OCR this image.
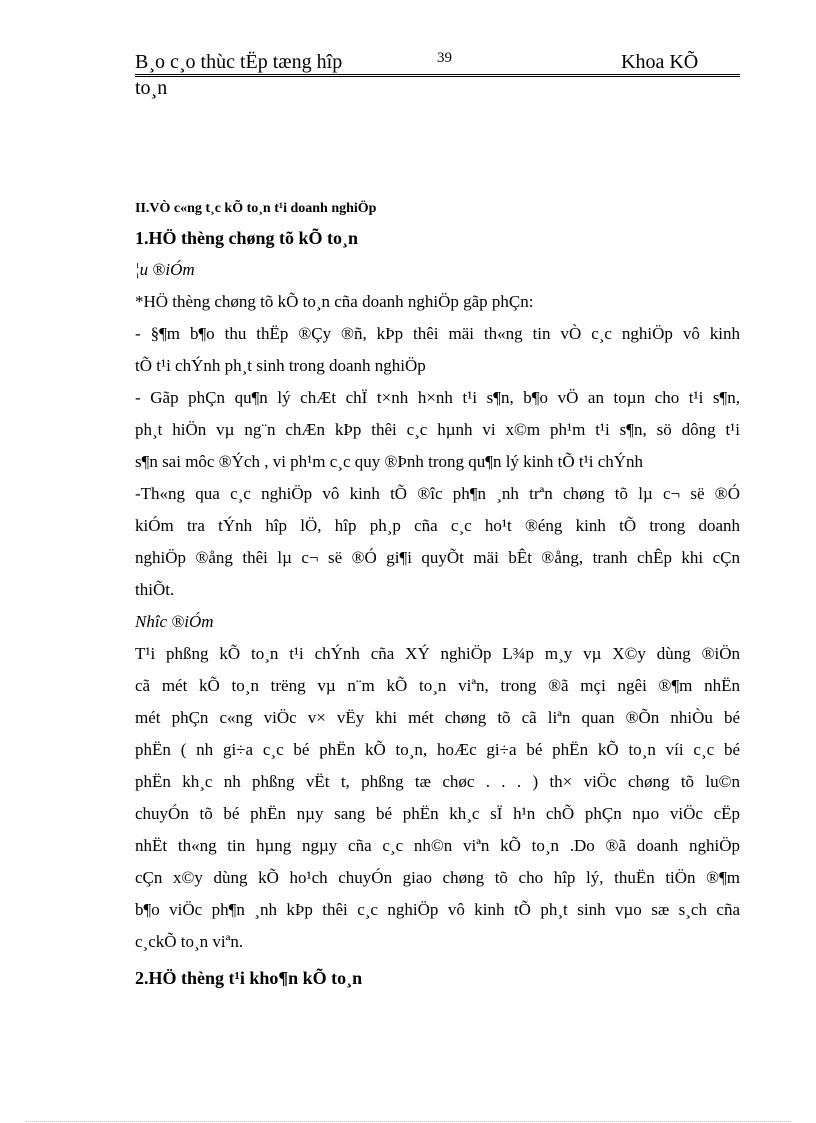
B¸o c¸o thùc tËp tæng hîp	39	Khoa KÕ
to¸n
II.VÒ c«ng t¸c kÕ to¸n t¹i doanh nghiÖp
1.HÖ thèng chøng tõ kÕ to¸n
¦u ®iÓm
*HÖ thèng chøng tõ kÕ to¸n cña doanh nghiÖp gãp phÇn:
- §¶m b¶o thu thËp ®Çy ®ñ, kÞp thêi mäi th«ng tin vÒ c¸c nghiÖp vô kinh
tÕ t¹i chÝnh ph¸t sinh trong doanh nghiÖp
- Gãp phÇn qu¶n lý chÆt chÏ t×nh h×nh t¹i s¶n, b¶o vÖ an toµn cho t¹i s¶n,
ph¸t hiÖn vµ ng¨n chÆn kÞp thêi c¸c hµnh vi x©m ph¹m t¹i s¶n, sö dông t¹i
s¶n sai môc ®Ých , vi ph¹m c¸c quy ®Þnh trong qu¶n lý kinh tÕ t¹i chÝnh
-Th«ng qua c¸c nghiÖp vô kinh tÕ ®îc ph¶n ¸nh trªn chøng tõ lµ c¬ së ®Ó
kiÓm tra tÝnh hîp lÖ, hîp ph¸p cña c¸c ho¹t ®éng kinh tÕ trong doanh
nghiÖp ®ång thêi lµ c¬ së ®Ó gi¶i quyÕt mäi bÊt ®ång, tranh chÊp khi cÇn
thiÕt.
Nhîc ®iÓm
T¹i phßng kÕ to¸n t¹i chÝnh cña XÝ nghiÖp L¾p m¸y vµ X©y dùng ®iÖn
cã mét kÕ to¸n trëng vµ n¨m kÕ to¸n viªn, trong ®ã mçi ngêi ®¶m nhËn
mét phÇn c«ng viÖc v× vËy khi mét chøng tõ cã liªn quan ®Õn nhiÒu bé
phËn ( nh gi÷a c¸c bé phËn kÕ to¸n, hoÆc gi÷a bé phËn kÕ to¸n víi c¸c bé
phËn kh¸c nh phßng vËt t, phßng tæ chøc . . . ) th× viÖc chøng tõ lu©n
chuyÓn tõ bé phËn nµy sang bé phËn kh¸c sÏ h¹n chÕ phÇn nµo viÖc cËp
nhËt th«ng tin hµng ngµy cña c¸c nh©n viªn kÕ to¸n .Do ®ã doanh nghiÖp
cÇn x©y dùng kÕ ho¹ch chuyÓn giao chøng tõ cho hîp lý, thuËn tiÖn ®¶m
b¶o viÖc ph¶n ¸nh kÞp thêi c¸c nghiÖp vô kinh tÕ ph¸t sinh vµo sæ s¸ch cña
c¸ckÕ to¸n viªn.
2.HÖ thèng t¹i kho¶n kÕ to¸n
